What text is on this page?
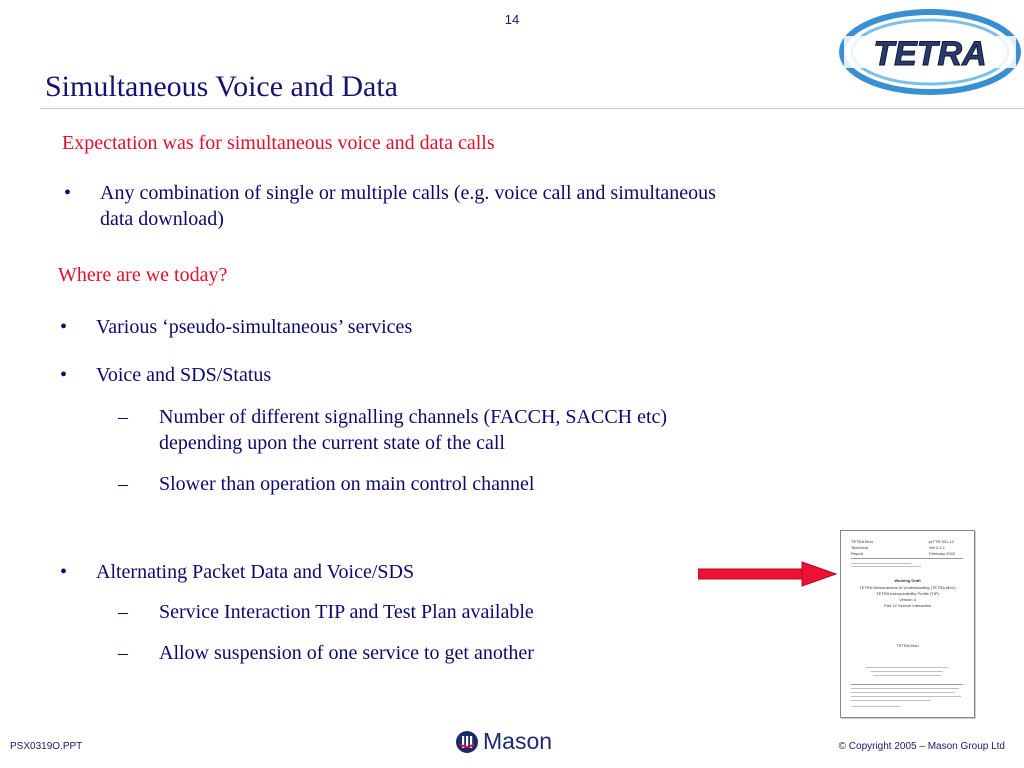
14
TETRA
Simultaneous Voice and Data
Expectation was for simultaneous voice and data calls
• Any combination of single or multiple calls (e.g. voice call and simultaneous
data download)
Where are we today?
• Various ‘pseudo-simultaneous’ services
• Voice and SDS/Status
– Number of different signalling channels (FACCH, SACCH etc)
depending upon the current state of the call
– Slower than operation on main control channel
• Alternating Packet Data and Voice/SDS
– Service Interaction TIP and Test Plan available
– Allow suspension of one service to get another
TETRA MoU
Technical
Report
prTTR 001-12
Ver 0.1.1
February 2002
Working Draft
TETRA Memorandum of Understanding (TETRA MoU)
TETRA Interoperability Profile (TIP)
Version 4
Part 12 Service Interaction
TETRA MoU
PSX0319O.PPT	Mason	© Copyright 2005 – Mason Group Ltd
